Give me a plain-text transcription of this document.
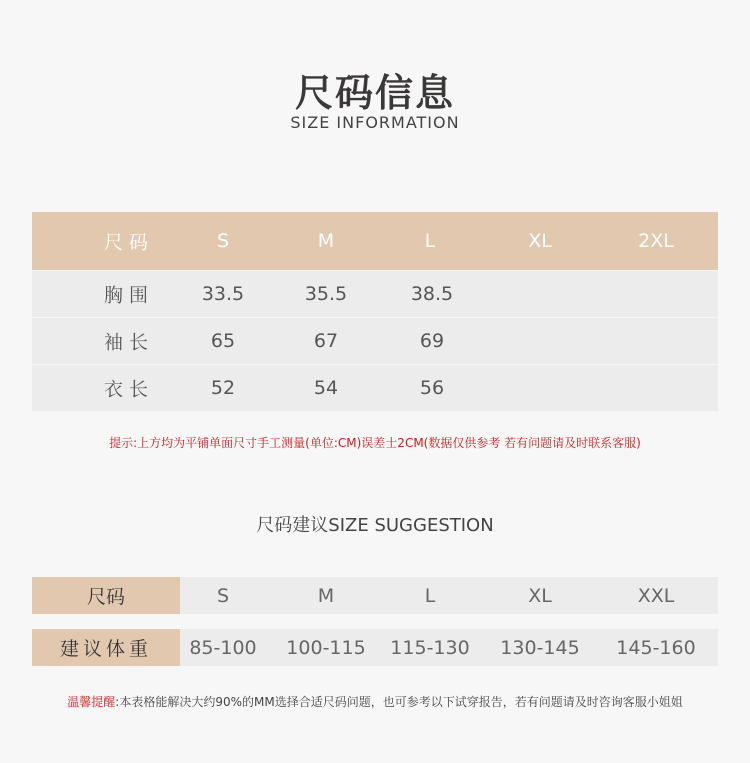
尺码信息
SIZE INFORMATION
尺 码	S	M	L	XL	2XL
胸 围	33.5	35.5	38.5
袖 长	65	67	69
衣 长	52	54	56
提示:上方均为平铺单面尺寸手工测量(单位:CM)误差士2CM(数据仅供参考 若有问题请及时联系客服)
尺码建议SIZE SUGGESTION
尺码	S	M	L	XL	XXL
建议体重	85-100 100-115 115-130 130-145 145-160
温馨提醒:本表格能解决大约90%的MM选择合适尺码问题，也可参考以下试穿报告，若有问题请及时咨询客服小姐姐
